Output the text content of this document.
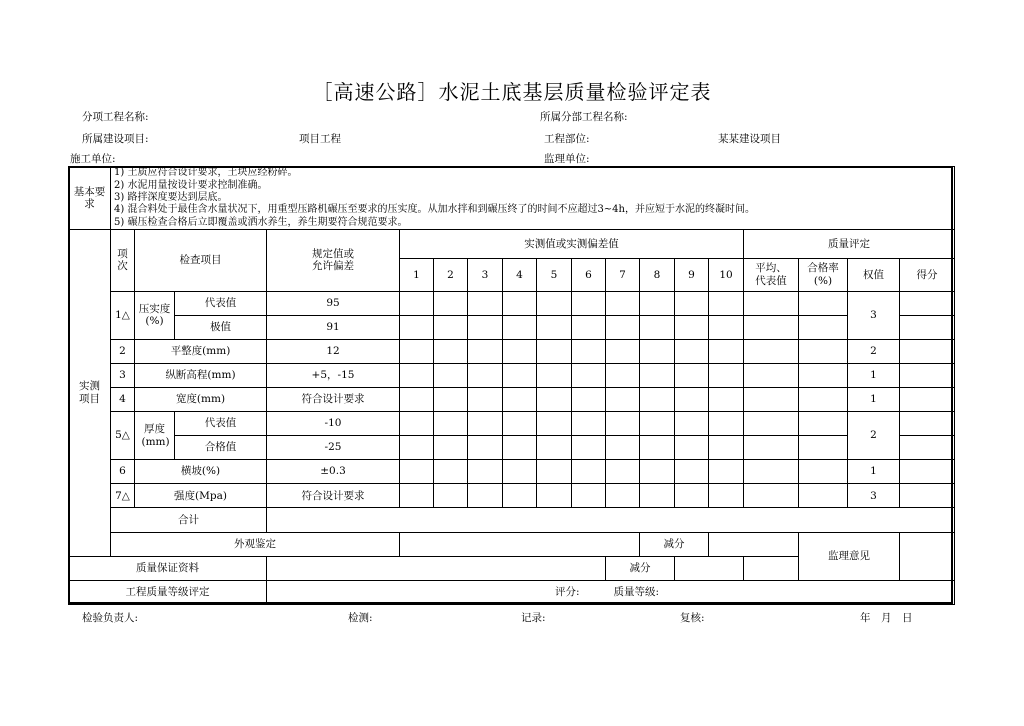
［高速公路］水泥土底基层质量检验评定表
分项工程名称:	所属分部工程名称:
所属建设项目:	项目工程	工程部位:	某某建设项目
施工单位:	监理单位:
基本要求	1) 土质应符合设计要求，土块应经粉碎。

2) 水泥用量按设计要求控制准确。

3) 路拌深度要达到层底。

4) 混合料处于最佳含水量状况下，用重型压路机碾压至要求的压实度。从加水拌和到碾压终了的时间不应超过3~4h，并应短于水泥的终凝时间。

5) 碾压检查合格后立即覆盖或洒水养生，养生期要符合规范要求。																	

实测项目	项次	检查项目		规定值或允许偏差	实测值或实测偏差值										质量评定			
					1	2	3	4	5	6	7	8	9	10	平均、代表值	合格率(%)	权值	得分
	1△	压实度(%)	代表值	95													3	
			极值	91														
	2	平整度(mm)		12													2	
	3	纵断高程(mm)		+5，-15													1	
	4	宽度(mm)		符合设计要求													1	
	5△	厚度(mm)	代表值	-10													2	
			合格值	-25														
	6	横坡(%)		±0.3													1	
	7△	强度(Mpa)		符合设计要求													3	
	合计																	
	外观鉴定											减分				监理意见		
质量保证资料											减分							
工程质量等级评定				评分:							质量等级:							
检验负责人:	检测:	记录:	复核:	年　月　日
